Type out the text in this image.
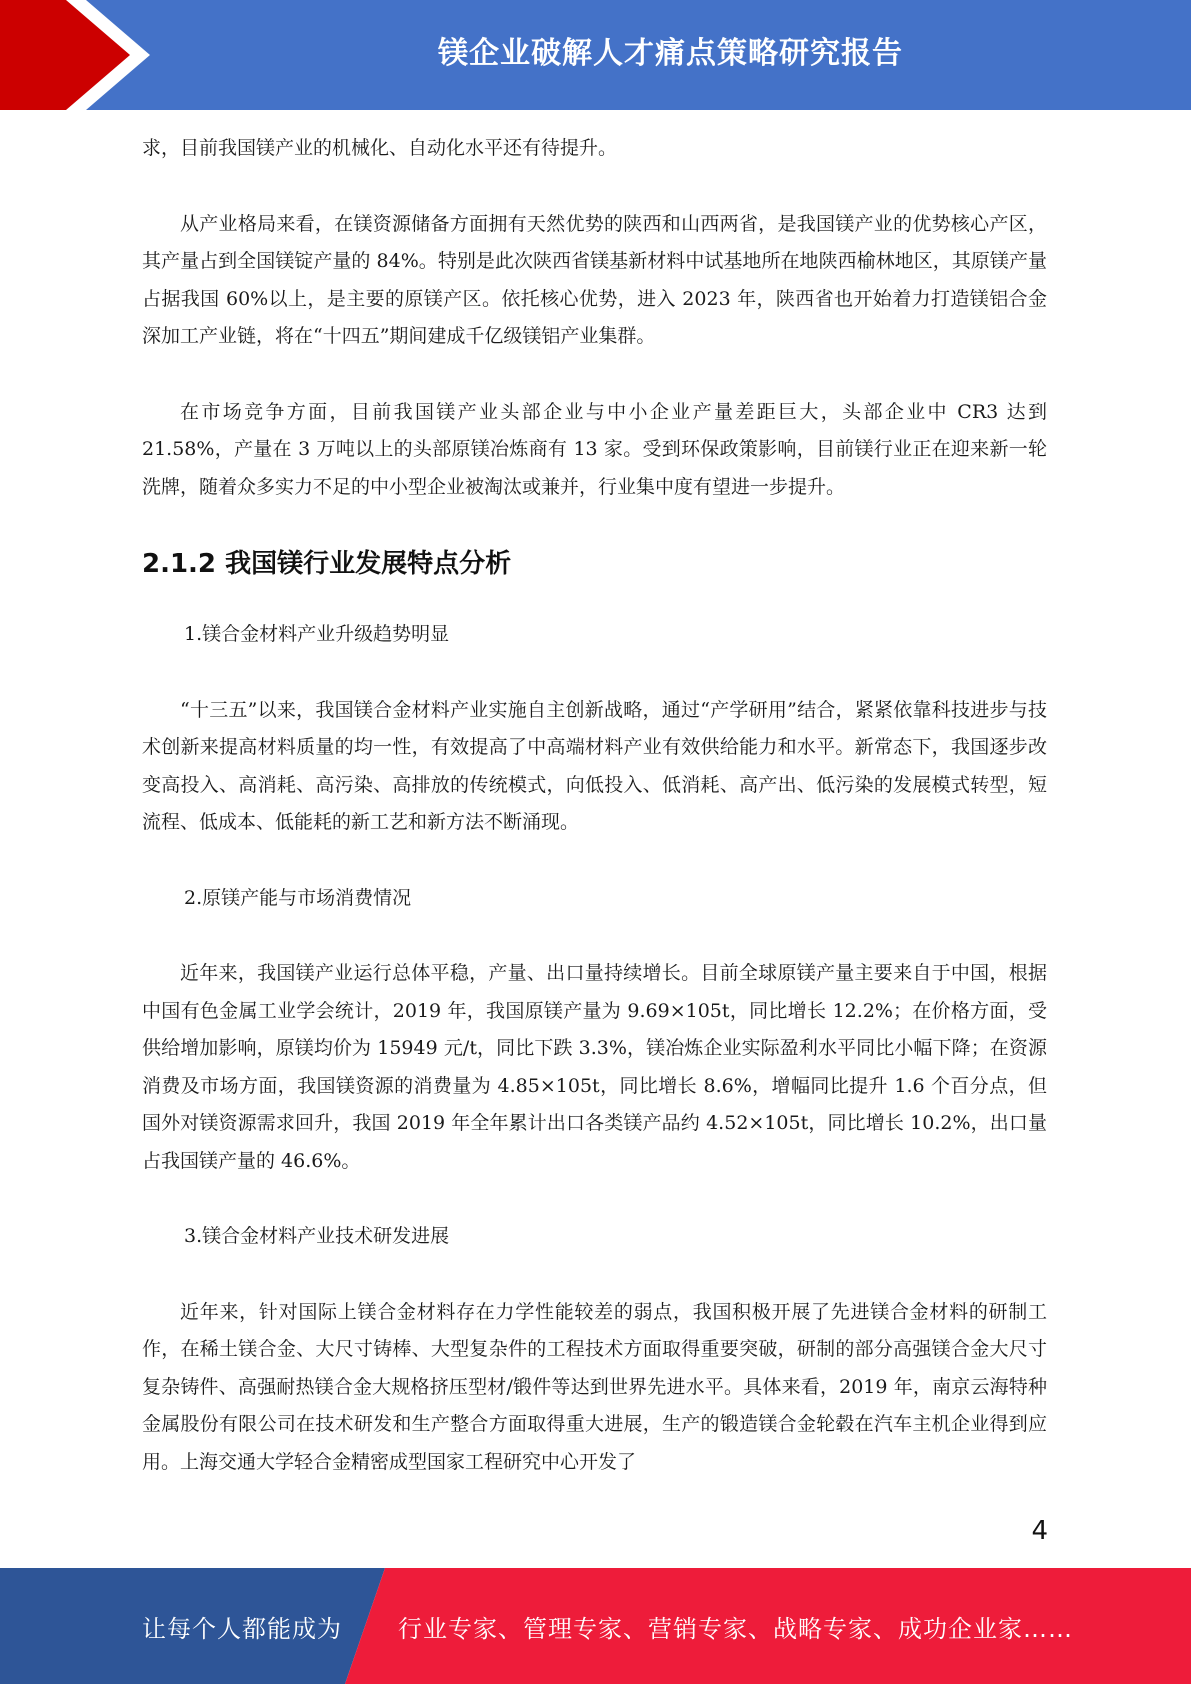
镁企业破解人才痛点策略研究报告

求，目前我国镁产业的机械化、自动化水平还有待提升。

从产业格局来看，在镁资源储备方面拥有天然优势的陕西和山西两省，是我国镁产业的优势核心产区，其产量占到全国镁锭产量的 84%。特别是此次陕西省镁基新材料中试基地所在地陕西榆林地区，其原镁产量占据我国 60%以上，是主要的原镁产区。依托核心优势，进入 2023 年，陕西省也开始着力打造镁铝合金深加工产业链，将在“十四五”期间建成千亿级镁铝产业集群。

在市场竞争方面，目前我国镁产业头部企业与中小企业产量差距巨大，头部企业中 CR3 达到 21.58%，产量在 3 万吨以上的头部原镁冶炼商有 13 家。受到环保政策影响，目前镁行业正在迎来新一轮洗牌，随着众多实力不足的中小型企业被淘汰或兼并，行业集中度有望进一步提升。

2.1.2 我国镁行业发展特点分析

1.镁合金材料产业升级趋势明显

“十三五”以来，我国镁合金材料产业实施自主创新战略，通过“产学研用”结合，紧紧依靠科技进步与技术创新来提高材料质量的均一性，有效提高了中高端材料产业有效供给能力和水平。新常态下，我国逐步改变高投入、高消耗、高污染、高排放的传统模式，向低投入、低消耗、高产出、低污染的发展模式转型，短流程、低成本、低能耗的新工艺和新方法不断涌现。

2.原镁产能与市场消费情况

近年来，我国镁产业运行总体平稳，产量、出口量持续增长。目前全球原镁产量主要来自于中国，根据中国有色金属工业学会统计，2019 年，我国原镁产量为 9.69×105t，同比增长 12.2%；在价格方面，受供给增加影响，原镁均价为 15949 元/t，同比下跌 3.3%，镁冶炼企业实际盈利水平同比小幅下降；在资源消费及市场方面，我国镁资源的消费量为 4.85×105t，同比增长 8.6%，增幅同比提升 1.6 个百分点，但国外对镁资源需求回升，我国 2019 年全年累计出口各类镁产品约 4.52×105t，同比增长 10.2%，出口量占我国镁产量的 46.6%。

3.镁合金材料产业技术研发进展

近年来，针对国际上镁合金材料存在力学性能较差的弱点，我国积极开展了先进镁合金材料的研制工作，在稀土镁合金、大尺寸铸棒、大型复杂件的工程技术方面取得重要突破，研制的部分高强镁合金大尺寸复杂铸件、高强耐热镁合金大规格挤压型材/锻件等达到世界先进水平。具体来看，2019 年，南京云海特种金属股份有限公司在技术研发和生产整合方面取得重大进展，生产的锻造镁合金轮毂在汽车主机企业得到应用。上海交通大学轻合金精密成型国家工程研究中心开发了

4
让每个人都能成为 行业专家、管理专家、营销专家、战略专家、成功企业家……
